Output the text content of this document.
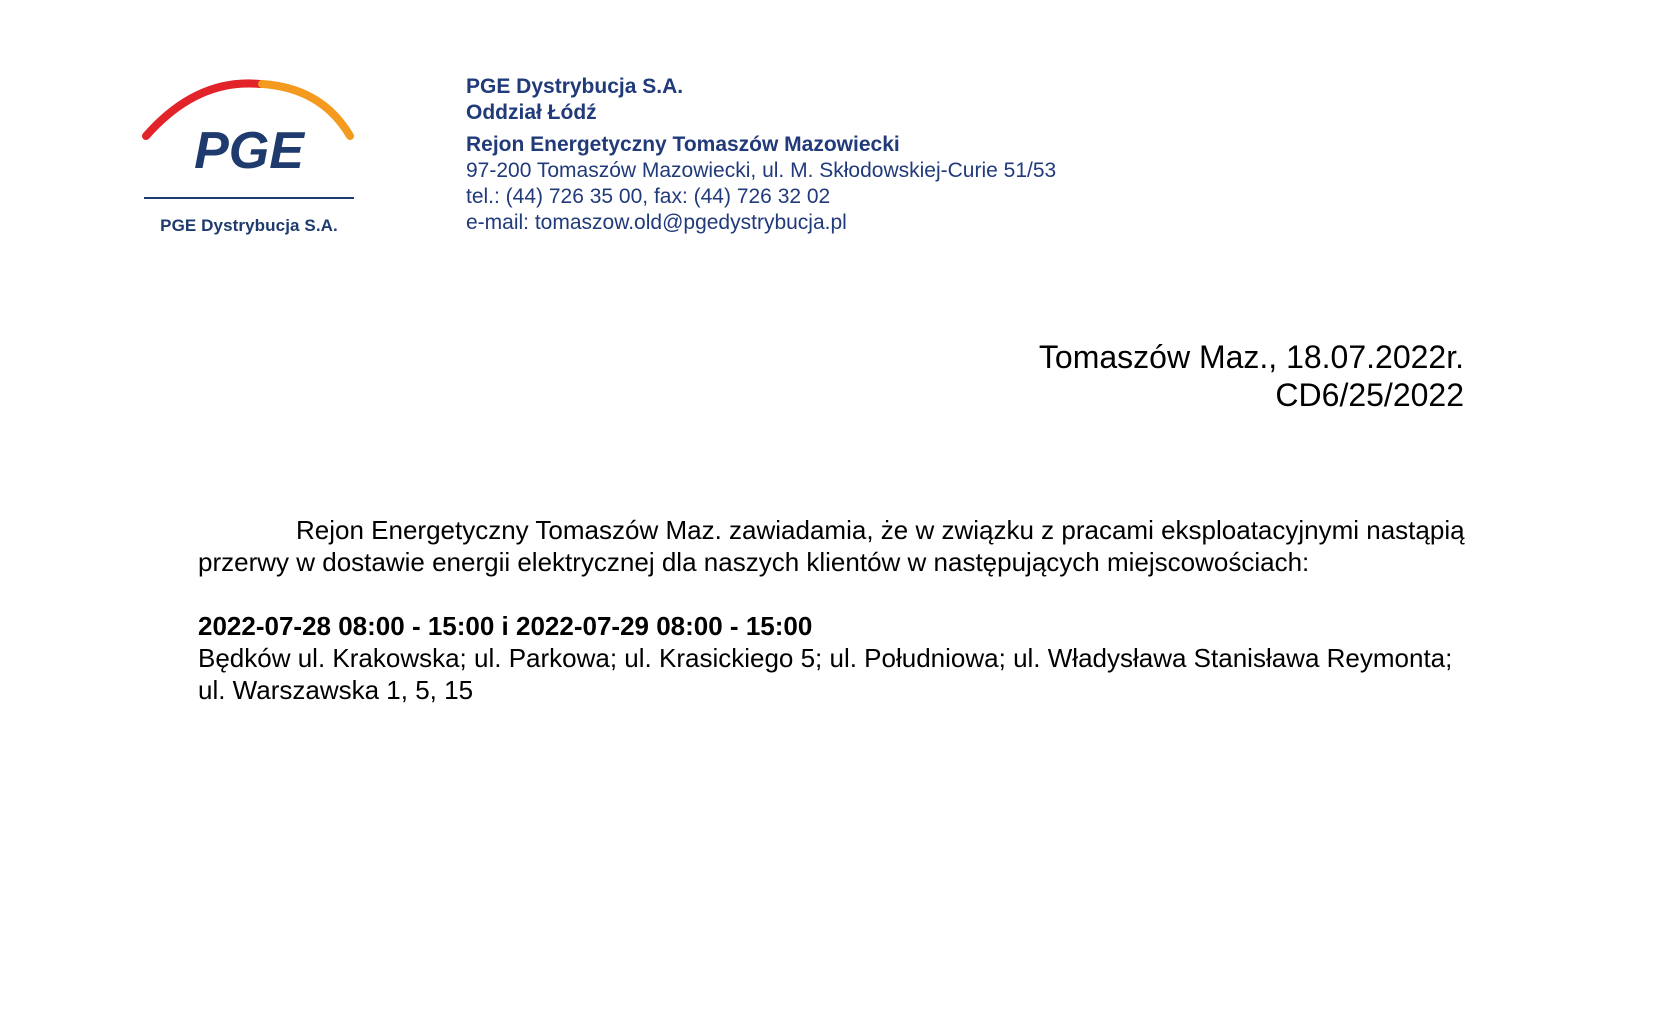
PGE
PGE Dystrybucja S.A.
PGE Dystrybucja S.A.
Oddział Łódź
Rejon Energetyczny Tomaszów Mazowiecki
97-200 Tomaszów Mazowiecki, ul. M. Skłodowskiej-Curie 51/53
tel.: (44) 726 35 00, fax: (44) 726 32 02
e-mail: tomaszow.old@pgedystrybucja.pl
Tomaszów Maz., 18.07.2022r.
CD6/25/2022

Rejon Energetyczny Tomaszów Maz. zawiadamia, że w związku z pracami eksploatacyjnymi nastąpią przerwy w dostawie energii elektrycznej dla naszych klientów w następujących miejscowościach:

2022-07-28 08:00 - 15:00 i 2022-07-29 08:00 - 15:00

Będków ul. Krakowska; ul. Parkowa; ul. Krasickiego 5; ul. Południowa; ul. Władysława Stanisława Reymonta; ul. Warszawska 1, 5, 15
